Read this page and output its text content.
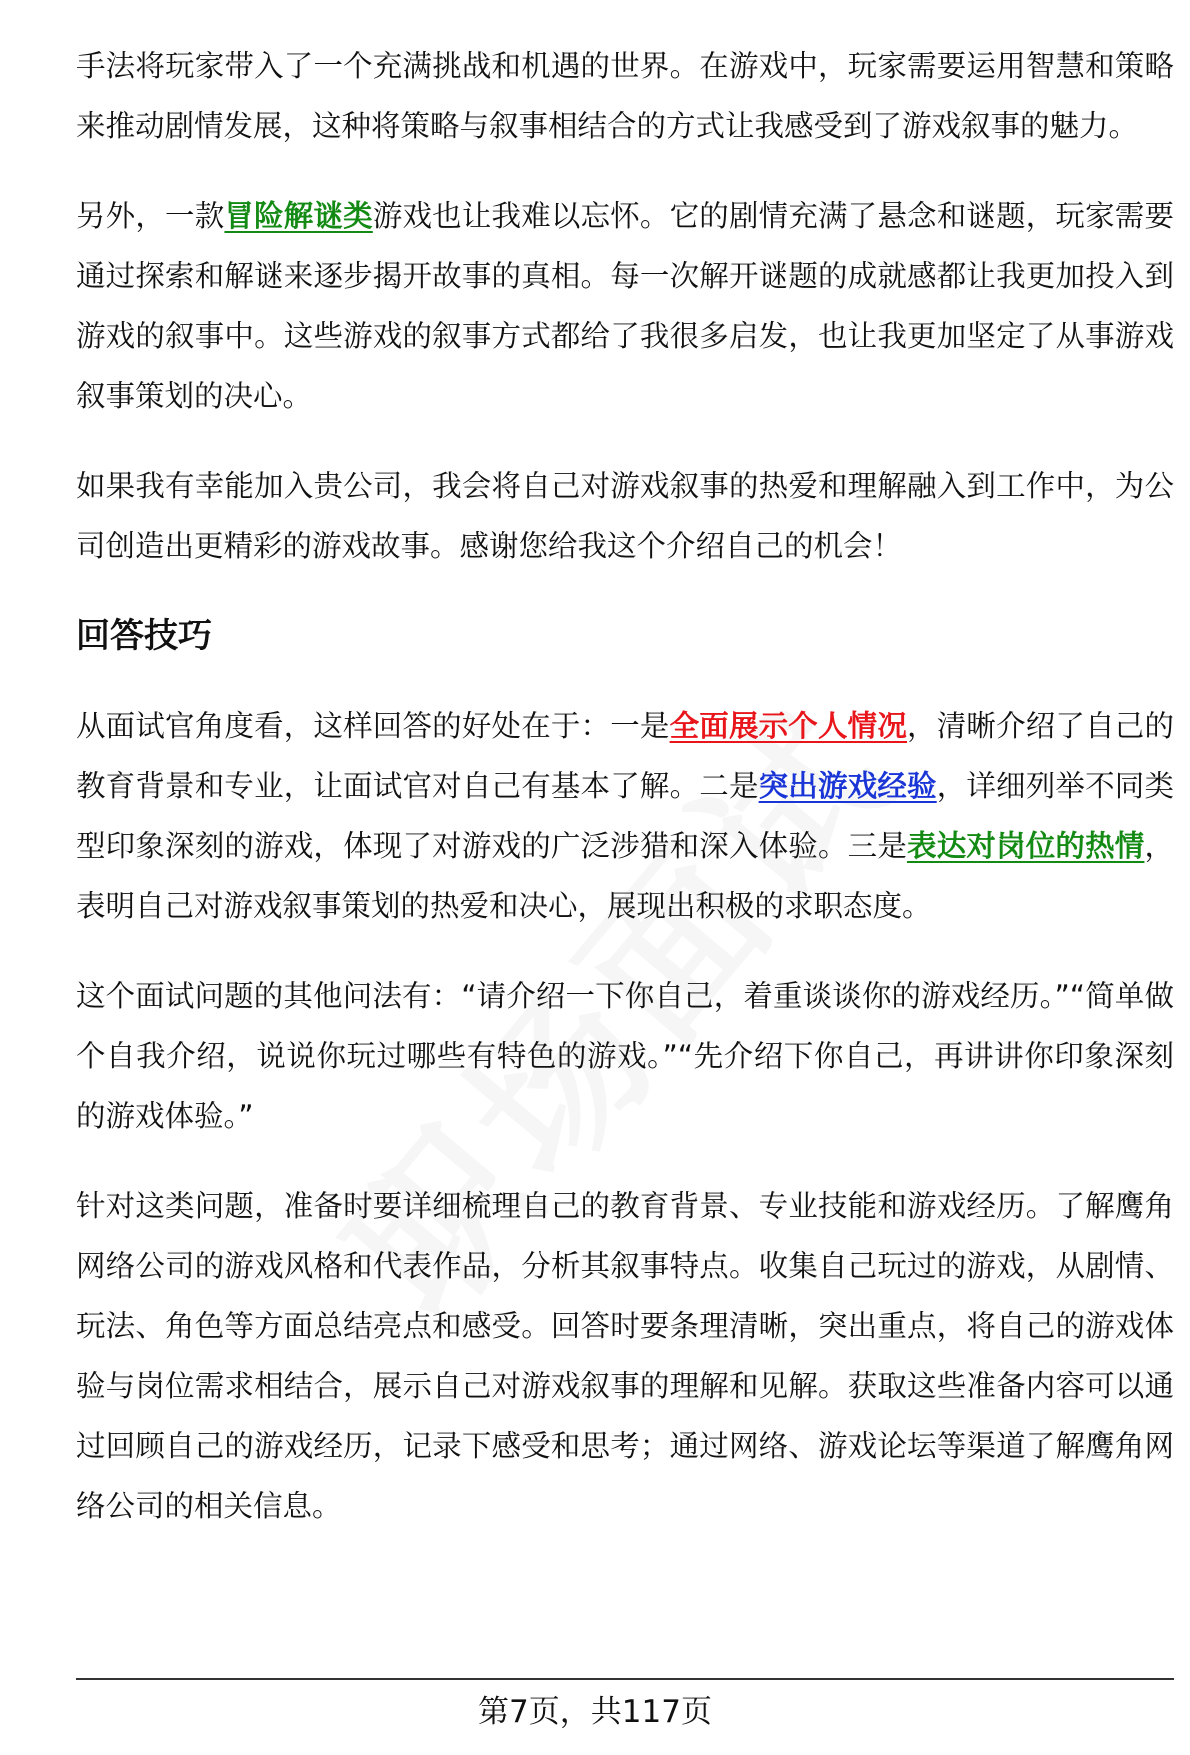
手法将玩家带入了一个充满挑战和机遇的世界。在游戏中，玩家需要运用智慧和策略来推动剧情发展，这种将策略与叙事相结合的方式让我感受到了游戏叙事的魅力。

另外，一款冒险解谜类游戏也让我难以忘怀。它的剧情充满了悬念和谜题，玩家需要通过探索和解谜来逐步揭开故事的真相。每一次解开谜题的成就感都让我更加投入到游戏的叙事中。这些游戏的叙事方式都给了我很多启发，也让我更加坚定了从事游戏叙事策划的决心。

如果我有幸能加入贵公司，我会将自己对游戏叙事的热爱和理解融入到工作中，为公司创造出更精彩的游戏故事。感谢您给我这个介绍自己的机会！

回答技巧

从面试官角度看，这样回答的好处在于：一是全面展示个人情况，清晰介绍了自己的教育背景和专业，让面试官对自己有基本了解。二是突出游戏经验，详细列举不同类型印象深刻的游戏，体现了对游戏的广泛涉猎和深入体验。三是表达对岗位的热情，表明自己对游戏叙事策划的热爱和决心，展现出积极的求职态度。

这个面试问题的其他问法有：“请介绍一下你自己，着重谈谈你的游戏经历。”“简单做个自我介绍，说说你玩过哪些有特色的游戏。”“先介绍下你自己，再讲讲你印象深刻的游戏体验。”

针对这类问题，准备时要详细梳理自己的教育背景、专业技能和游戏经历。了解鹰角网络公司的游戏风格和代表作品，分析其叙事特点。收集自己玩过的游戏，从剧情、玩法、角色等方面总结亮点和感受。回答时要条理清晰，突出重点，将自己的游戏体验与岗位需求相结合，展示自己对游戏叙事的理解和见解。获取这些准备内容可以通过回顾自己的游戏经历，记录下感受和思考；通过网络、游戏论坛等渠道了解鹰角网络公司的相关信息。

第7页，共117页
